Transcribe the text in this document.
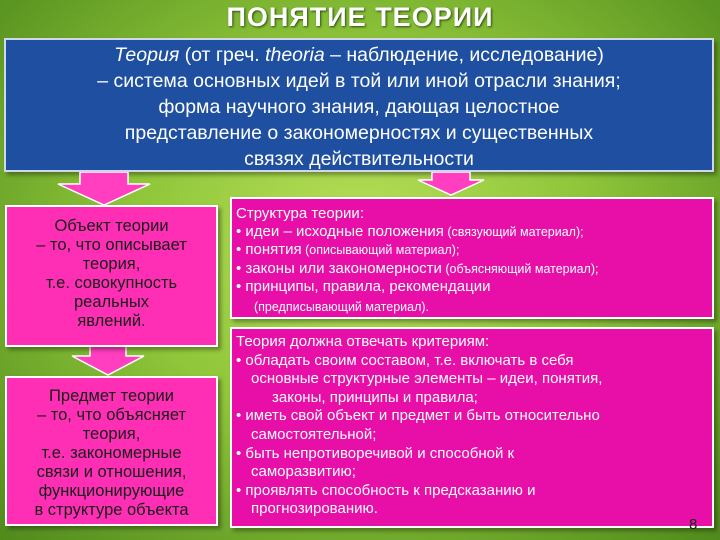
ПОНЯТИЕ ТЕОРИИ
Теория (от греч. theoria – наблюдение, исследование)
– система основных идей в той или иной отрасли знания;
форма научного знания, дающая целостное
представление о закономерностях и существенных
связях действительности
Объект теории
– то, что описывает
теория,
т.е. совокупность
реальных
явлений.
Предмет теории
– то, что объясняет
теория,
т.е. закономерные
связи и отношения,
функционирующие
в структуре объекта
Структура теории:
• идеи – исходные положения (связующий материал);
• понятия (описывающий материал);
• законы или закономерности (объясняющий материал);
• принципы, правила, рекомендации
(предписывающий материал).
Теория должна отвечать критериям:
• обладать своим составом, т.е. включать в себя
основные структурные элементы – идеи, понятия,
законы, принципы и правила;
• иметь свой объект и предмет и быть относительно
самостоятельной;
• быть непротиворечивой и способной к
саморазвитию;
• проявлять способность к предсказанию и
прогнозированию.
8
